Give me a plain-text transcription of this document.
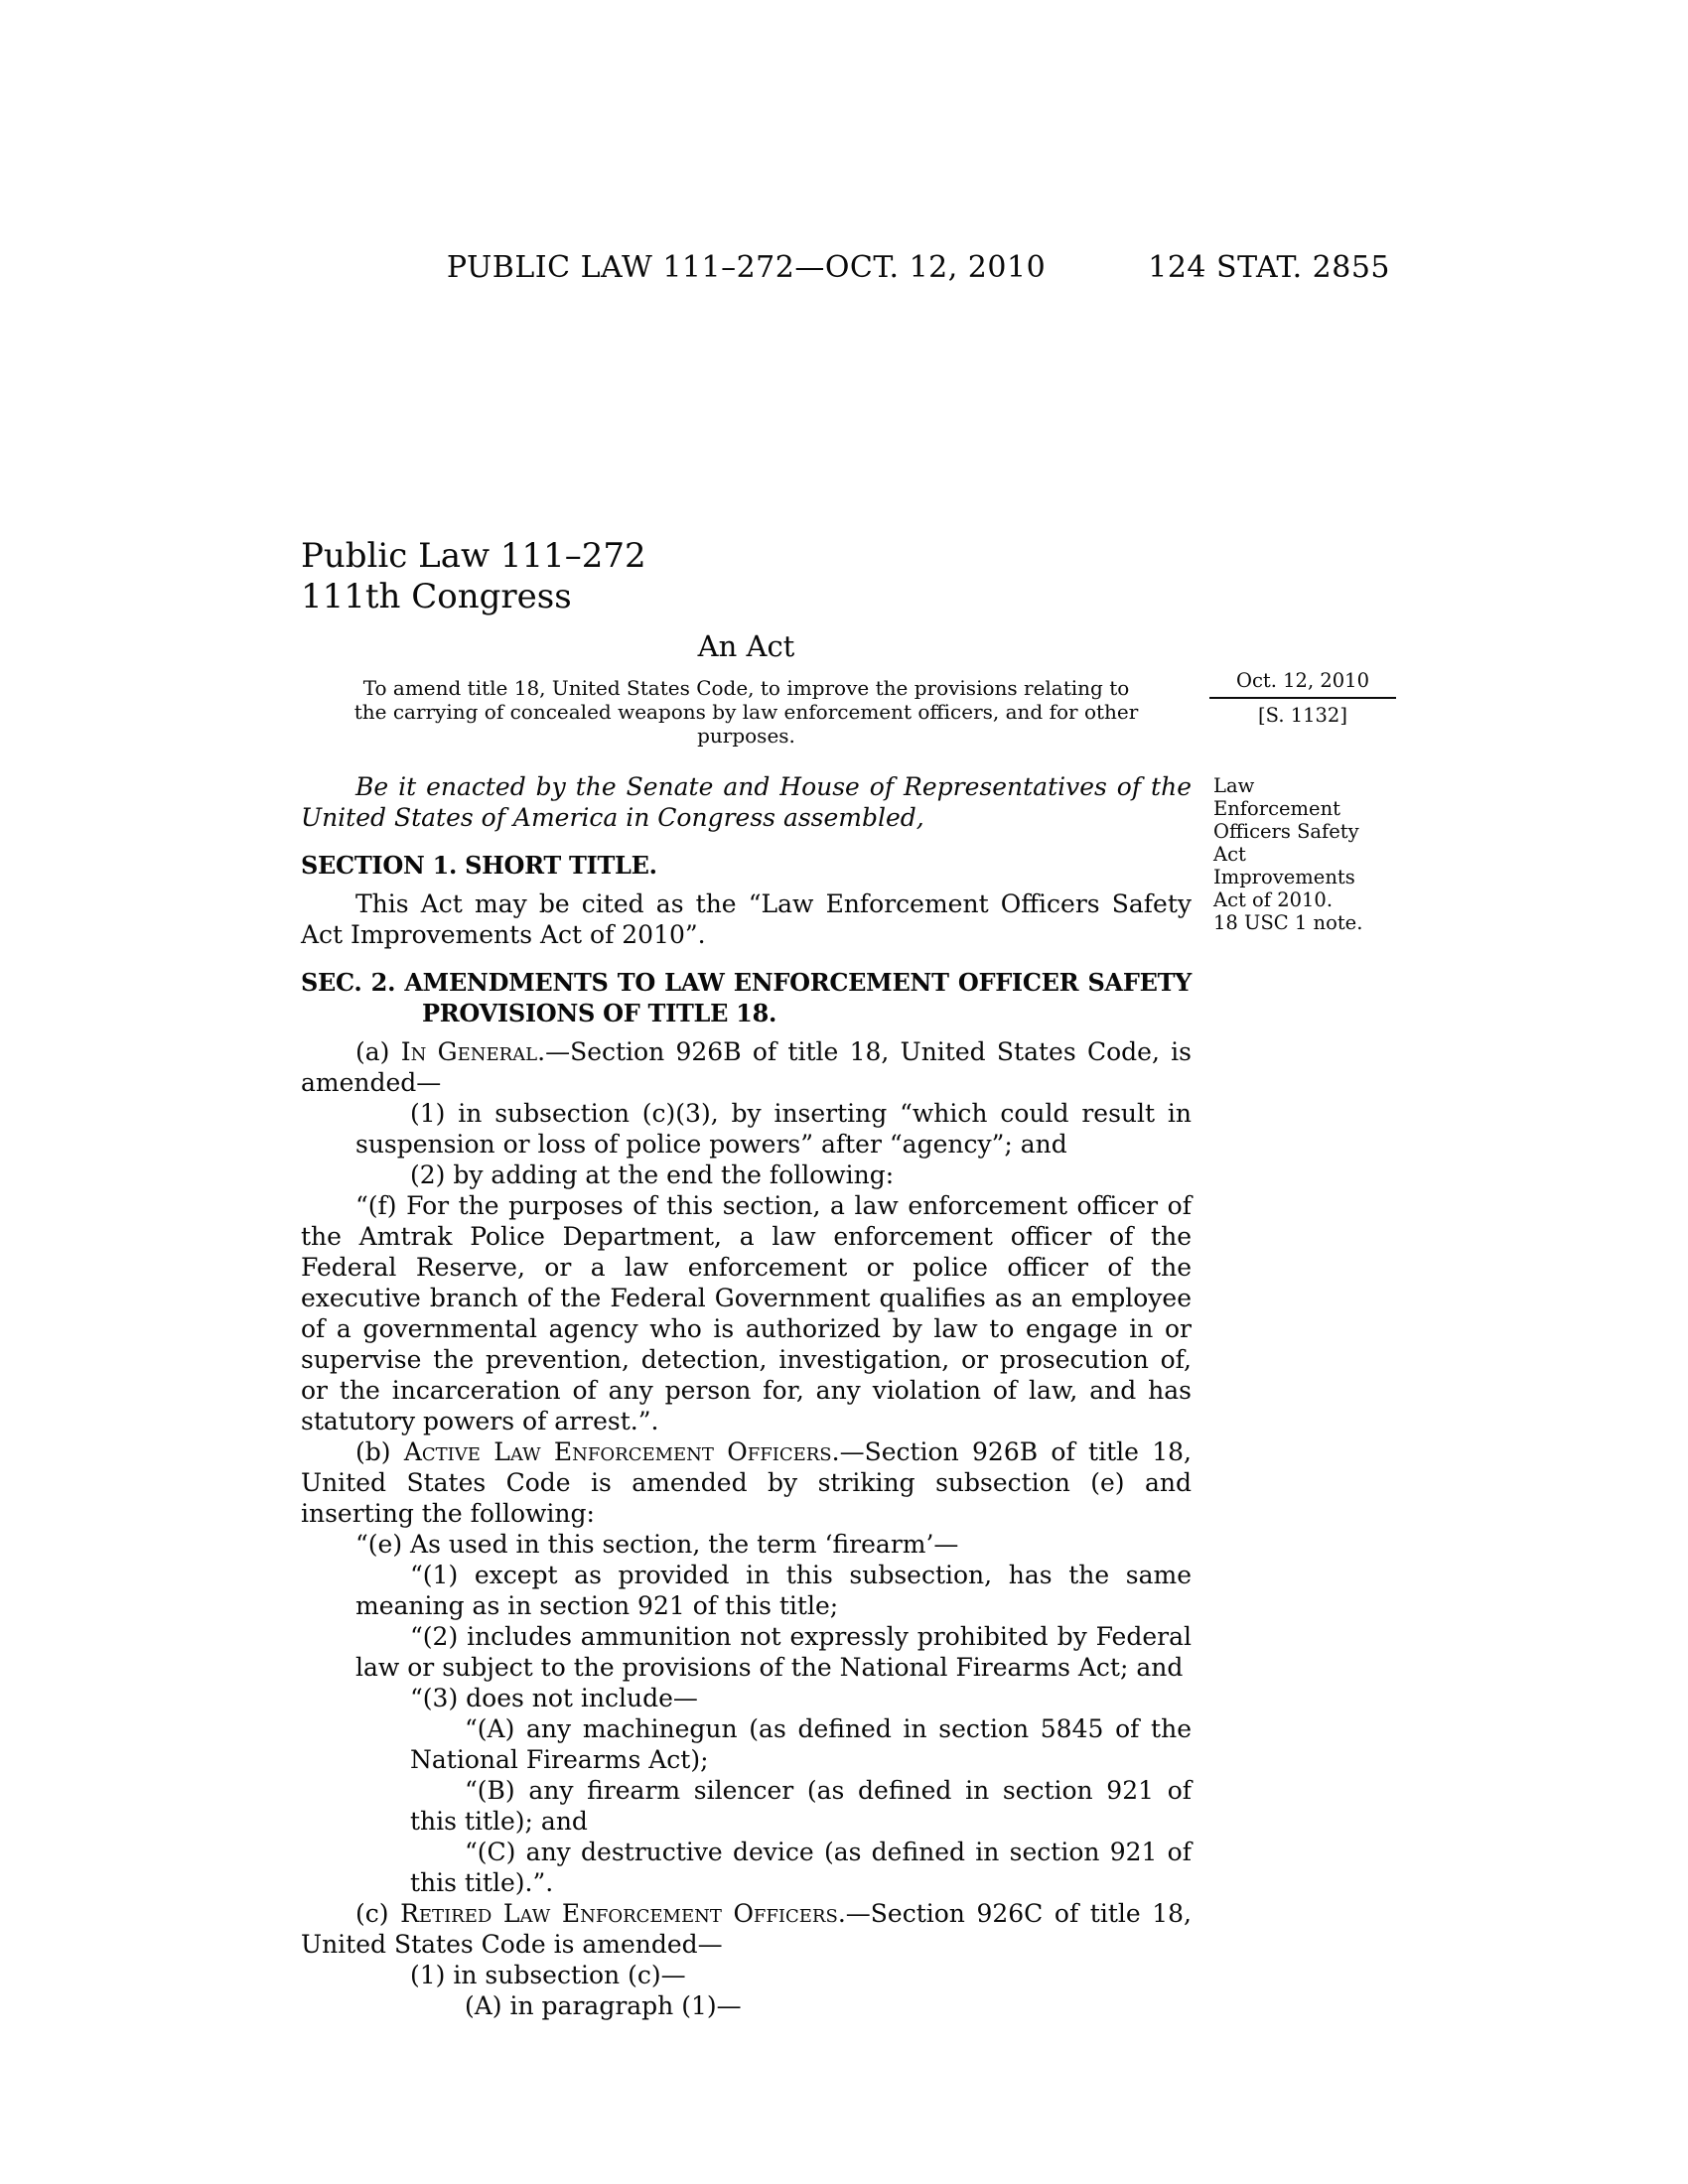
PUBLIC LAW 111–272—OCT. 12, 2010	124 STAT. 2855
Oct. 12, 2010
[S. 1132]
Law Enforcement Officers Safety Act Improvements Act of 2010.
18 USC 1 note.
Public Law 111–272
111th Congress
An Act
To amend title 18, United States Code, to improve the provisions relating to the carrying of concealed weapons by law enforcement officers, and for other purposes.

Be it enacted by the Senate and House of Representatives of the United States of America in Congress assembled,

SECTION 1. SHORT TITLE.

This Act may be cited as the “Law Enforcement Officers Safety Act Improvements Act of 2010”.

SEC. 2. AMENDMENTS TO LAW ENFORCEMENT OFFICER SAFETY PROVISIONS OF TITLE 18.

(a) In General.—Section 926B of title 18, United States Code, is amended—

(1) in subsection (c)(3), by inserting “which could result in suspension or loss of police powers” after “agency”; and

(2) by adding at the end the following:

“(f) For the purposes of this section, a law enforcement officer of the Amtrak Police Department, a law enforcement officer of the Federal Reserve, or a law enforcement or police officer of the executive branch of the Federal Government qualifies as an employee of a governmental agency who is authorized by law to engage in or supervise the prevention, detection, investigation, or prosecution of, or the incarceration of any person for, any violation of law, and has statutory powers of arrest.”.

(b) Active Law Enforcement Officers.—Section 926B of title 18, United States Code is amended by striking subsection (e) and inserting the following:

“(e) As used in this section, the term ‘firearm’—

“(1) except as provided in this subsection, has the same meaning as in section 921 of this title;

“(2) includes ammunition not expressly prohibited by Federal law or subject to the provisions of the National Firearms Act; and

“(3) does not include—

“(A) any machinegun (as defined in section 5845 of the National Firearms Act);

“(B) any firearm silencer (as defined in section 921 of this title); and

“(C) any destructive device (as defined in section 921 of this title).”.

(c) Retired Law Enforcement Officers.—Section 926C of title 18, United States Code is amended—

(1) in subsection (c)—

(A) in paragraph (1)—
